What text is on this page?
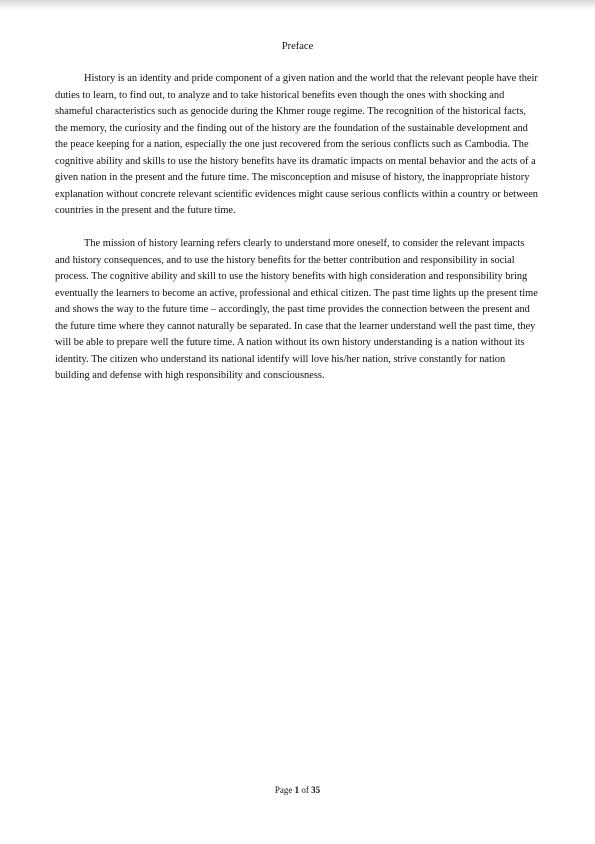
Preface

History is an identity and pride component of a given nation and the world that the relevant people have their duties to learn, to find out, to analyze and to take historical benefits even though the ones with shocking and shameful characteristics such as genocide during the Khmer rouge regime. The recognition of the historical facts, the memory, the curiosity and the finding out of the history are the foundation of the sustainable development and the peace keeping for a nation, especially the one just recovered from the serious conflicts such as Cambodia. The cognitive ability and skills to use the history benefits have its dramatic impacts on mental behavior and the acts of a given nation in the present and the future time. The misconception and misuse of history, the inappropriate history explanation without concrete relevant scientific evidences might cause serious conflicts within a country or between countries in the present and the future time.

The mission of history learning refers clearly to understand more oneself, to consider the relevant impacts and history consequences, and to use the history benefits for the better contribution and responsibility in social process. The cognitive ability and skill to use the history benefits with high consideration and responsibility bring eventually the learners to become an active, professional and ethical citizen. The past time lights up the present time and shows the way to the future time – accordingly, the past time provides the connection between the present and the future time where they cannot naturally be separated. In case that the learner understand well the past time, they will be able to prepare well the future time. A nation without its own history understanding is a nation without its identity. The citizen who understand its national identify will love his/her nation, strive constantly for nation building and defense with high responsibility and consciousness.

Page 1 of 35
